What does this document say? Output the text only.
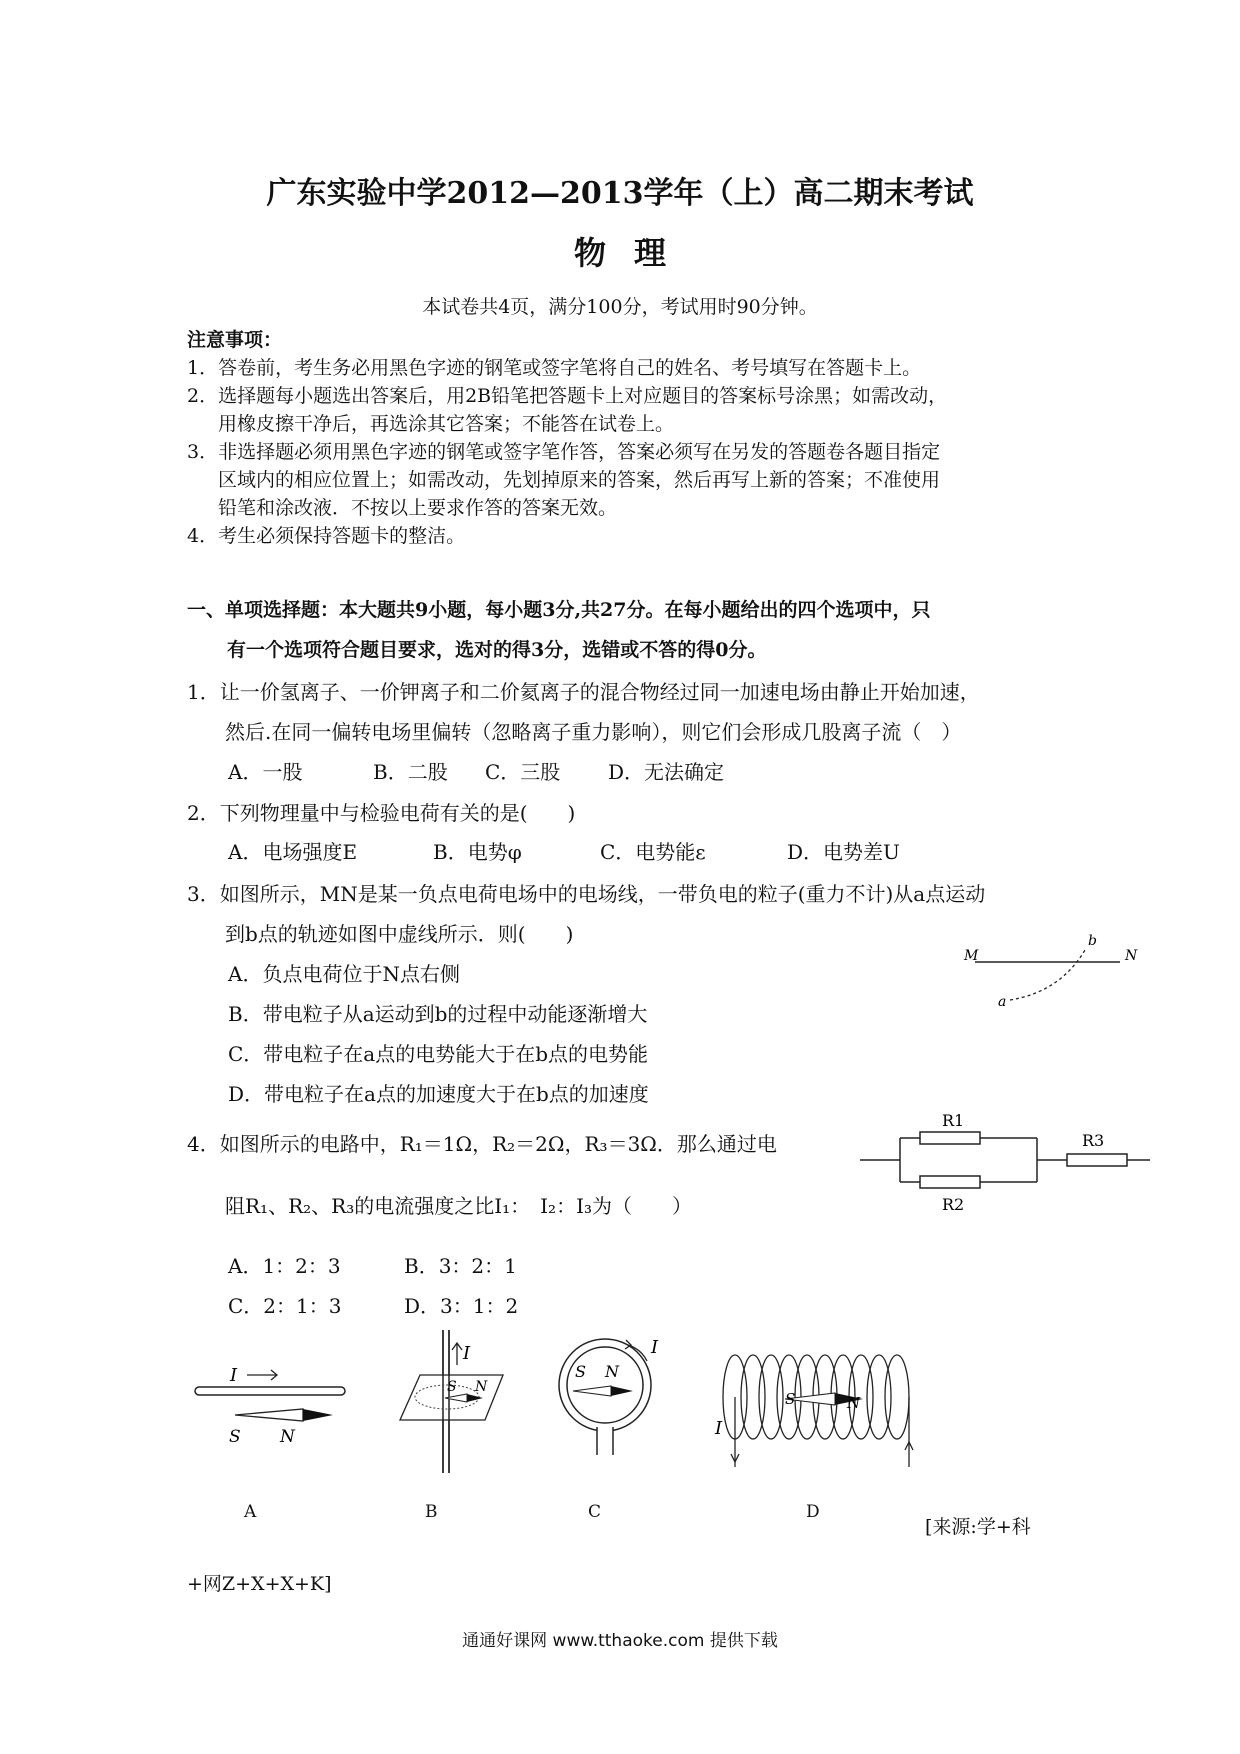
广东实验中学2012—2013学年（上）高二期末考试
物理
本试卷共4页，满分100分，考试用时90分钟。
注意事项：
1．答卷前，考生务必用黑色字迹的钢笔或签字笔将自己的姓名、考号填写在答题卡上。
2．选择题每小题选出答案后，用2B铅笔把答题卡上对应题目的答案标号涂黑；如需改动，
用橡皮擦干净后，再选涂其它答案；不能答在试卷上。
3．非选择题必须用黑色字迹的钢笔或签字笔作答，答案必须写在另发的答题卷各题目指定
区域内的相应位置上；如需改动，先划掉原来的答案，然后再写上新的答案；不准使用
铅笔和涂改液．不按以上要求作答的答案无效。
4．考生必须保持答题卡的整洁。
一、单项选择题：本大题共9小题，每小题3分,共27分。在每小题给出的四个选项中，只
有一个选项符合题目要求，选对的得3分，选错或不答的得0分。
1．让一价氢离子、一价钾离子和二价氦离子的混合物经过同一加速电场由静止开始加速，
然后.在同一偏转电场里偏转（忽略离子重力影响），则它们会形成几股离子流（　）
A．一股	B．二股 C．三股 D．无法确定
2．下列物理量中与检验电荷有关的是(　　)
A．电场强度E	B．电势φ	C．电势能ε	D．电势差U
3．如图所示，MN是某一负点电荷电场中的电场线，一带负电的粒子(重力不计)从a点运动
到b点的轨迹如图中虚线所示．则(　　)
A．负点电荷位于N点右侧
B．带电粒子从a运动到b的过程中动能逐渐增大
C．带电粒子在a点的电势能大于在b点的电势能
D．带电粒子在a点的加速度大于在b点的加速度
M	N
a
b
4．如图所示的电路中，R₁＝1Ω，R₂＝2Ω，R₃＝3Ω．那么通过电
阻R₁、R₂、R₃的电流强度之比I₁：　I₂：I₃为（　　）
A．1：2：3	B．3：2：1
C．2：1：3	D．3：1：2
R1
R2
R3
I
S N
I
S N
I
S N
I
S	N
A	B	C	D
[来源:学+科
+网Z+X+X+K]
通通好课网 www.tthaoke.com 提供下载
